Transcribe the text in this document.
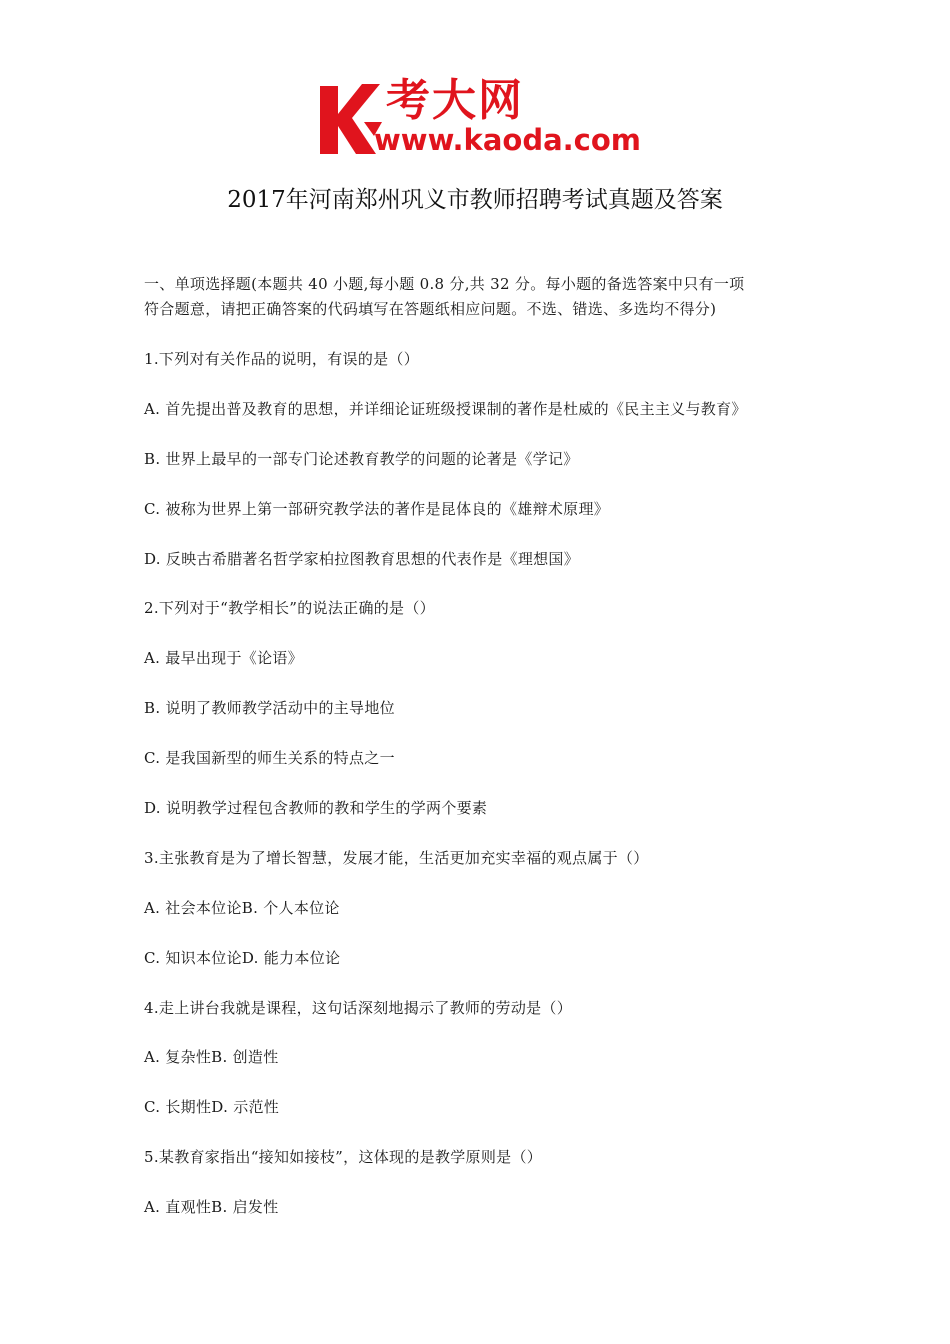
考大网
www.kaoda.com
2017年河南郑州巩义市教师招聘考试真题及答案
一、单项选择题(本题共 40 小题,每小题 0.8 分,共 32 分。每小题的备选答案中只有一项
符合题意，请把正确答案的代码填写在答题纸相应问题。不选、错选、多选均不得分)
1.下列对有关作品的说明，有误的是（）
A. 首先提出普及教育的思想，并详细论证班级授课制的著作是杜威的《民主主义与教育》
B. 世界上最早的一部专门论述教育教学的问题的论著是《学记》
C. 被称为世界上第一部研究教学法的著作是昆体良的《雄辩术原理》
D. 反映古希腊著名哲学家柏拉图教育思想的代表作是《理想国》
2.下列对于“教学相长”的说法正确的是（）
A. 最早出现于《论语》
B. 说明了教师教学活动中的主导地位
C. 是我国新型的师生关系的特点之一
D. 说明教学过程包含教师的教和学生的学两个要素
3.主张教育是为了增长智慧，发展才能，生活更加充实幸福的观点属于（）
A. 社会本位论B. 个人本位论
C. 知识本位论D. 能力本位论
4.走上讲台我就是课程，这句话深刻地揭示了教师的劳动是（）
A. 复杂性B. 创造性
C. 长期性D. 示范性
5.某教育家指出“接知如接枝”，这体现的是教学原则是（）
A. 直观性B. 启发性
